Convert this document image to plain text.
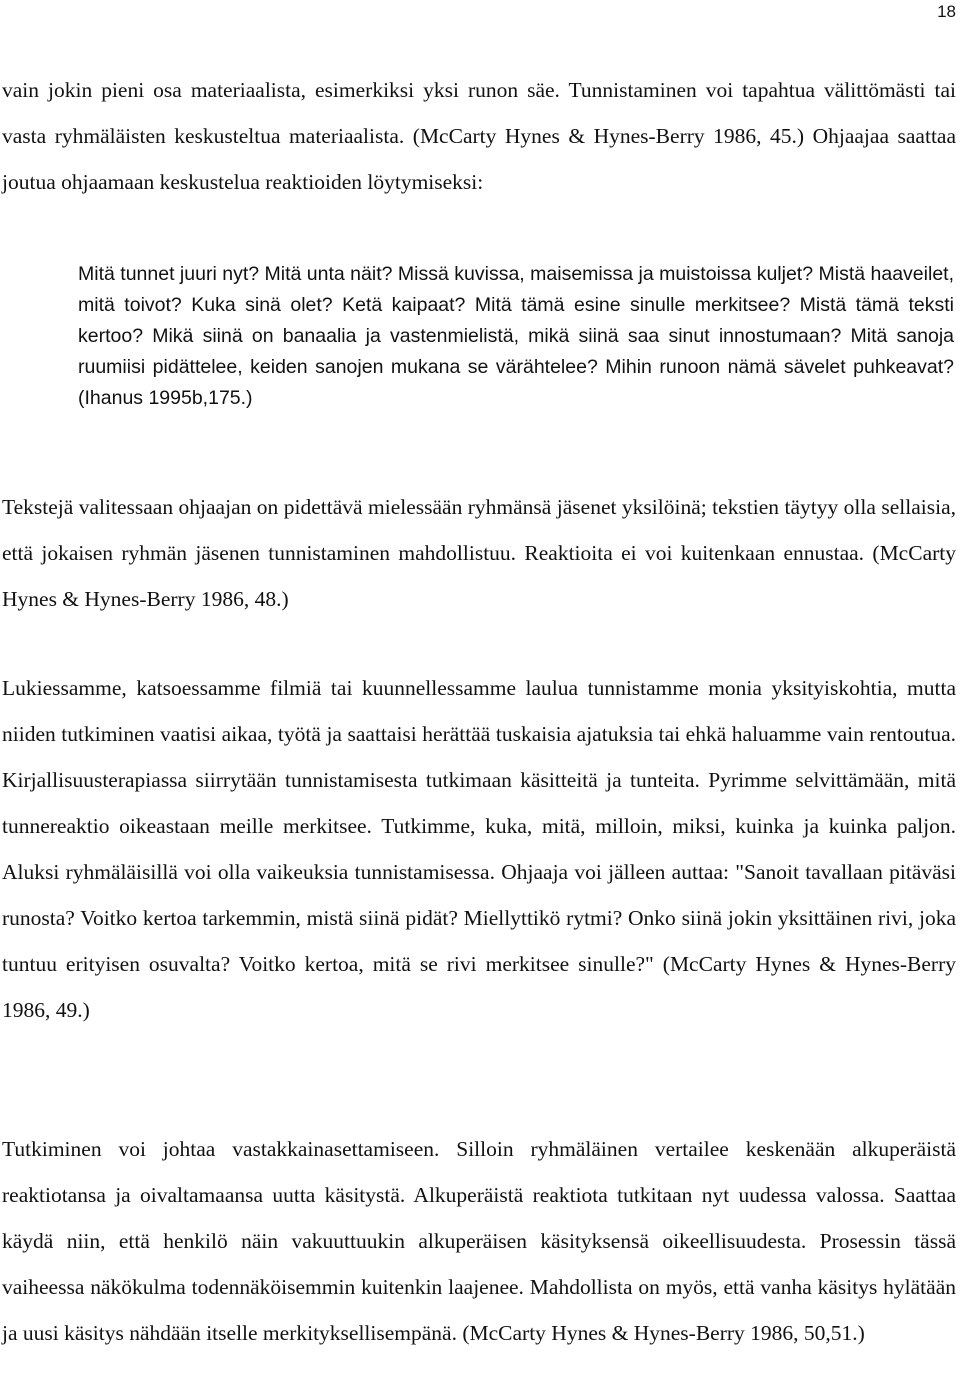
18

vain jokin pieni osa materiaalista, esimerkiksi yksi runon säe. Tunnistaminen voi tapahtua välittömästi tai vasta ryhmäläisten keskusteltua materiaalista. (McCarty Hynes & Hynes-Berry 1986, 45.) Ohjaajaa saattaa joutua ohjaamaan keskustelua reaktioiden löytymiseksi:

Mitä tunnet juuri nyt? Mitä unta näit? Missä kuvissa, maisemissa ja muistoissa kuljet? Mistä haaveilet, mitä toivot? Kuka sinä olet? Ketä kaipaat? Mitä tämä esine sinulle merkitsee? Mistä tämä teksti kertoo? Mikä siinä on banaalia ja vastenmielistä, mikä siinä saa sinut innostumaan? Mitä sanoja ruumiisi pidättelee, keiden sanojen mukana se värähtelee? Mihin runoon nämä sävelet puhkeavat? (Ihanus 1995b,175.)

Tekstejä valitessaan ohjaajan on pidettävä mielessään ryhmänsä jäsenet yksilöinä; tekstien täytyy olla sellaisia, että jokaisen ryhmän jäsenen tunnistaminen mahdollistuu. Reaktioita ei voi kuitenkaan ennustaa. (McCarty Hynes & Hynes-Berry 1986, 48.)

Lukiessamme, katsoessamme filmiä tai kuunnellessamme laulua tunnistamme monia yksityiskohtia, mutta niiden tutkiminen vaatisi aikaa, työtä ja saattaisi herättää tuskaisia ajatuksia tai ehkä haluamme vain rentoutua. Kirjallisuusterapiassa siirrytään tunnistamisesta tutkimaan käsitteitä ja tunteita. Pyrimme selvittämään, mitä tunnereaktio oikeastaan meille merkitsee. Tutkimme, kuka, mitä, milloin, miksi, kuinka ja kuinka paljon. Aluksi ryhmäläisillä voi olla vaikeuksia tunnistamisessa. Ohjaaja voi jälleen auttaa: "Sanoit tavallaan pitäväsi runosta? Voitko kertoa tarkemmin, mistä siinä pidät? Miellyttikö rytmi? Onko siinä jokin yksittäinen rivi, joka tuntuu erityisen osuvalta? Voitko kertoa, mitä se rivi merkitsee sinulle?" (McCarty Hynes & Hynes-Berry 1986, 49.)

Tutkiminen voi johtaa vastakkainasettamiseen. Silloin ryhmäläinen vertailee keskenään alkuperäistä reaktiotansa ja oivaltamaansa uutta käsitystä. Alkuperäistä reaktiota tutkitaan nyt uudessa valossa. Saattaa käydä niin, että henkilö näin vakuuttuukin alkuperäisen käsityksensä oikeellisuudesta. Prosessin tässä vaiheessa näkökulma todennäköisemmin kuitenkin laajenee. Mahdollista on myös, että vanha käsitys hylätään ja uusi käsitys nähdään itselle merkityksellisempänä. (McCarty Hynes & Hynes-Berry 1986, 50,51.)
